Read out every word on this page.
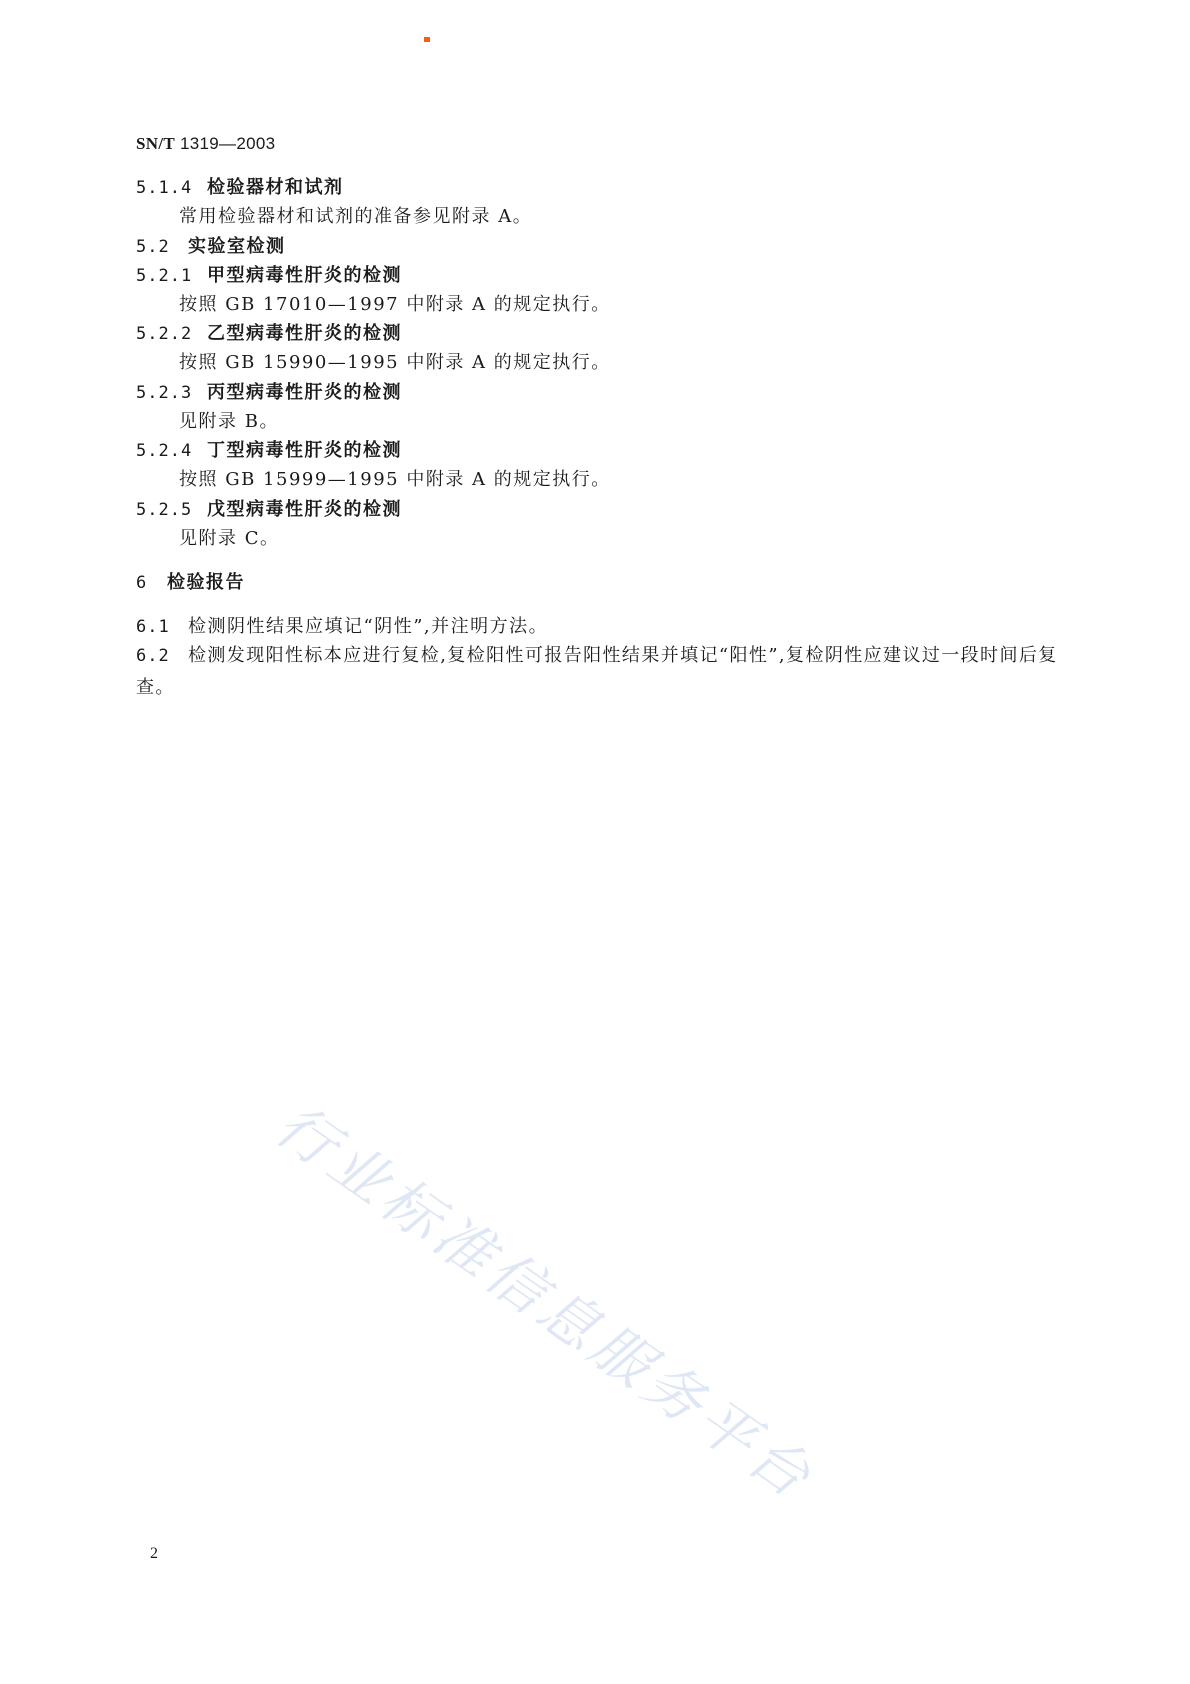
SN/T 1319—2003
5.1.4 检验器材和试剂
常用检验器材和试剂的准备参见附录 A。
5.2 实验室检测
5.2.1 甲型病毒性肝炎的检测
按照 GB 17010—1997 中附录 A 的规定执行。
5.2.2 乙型病毒性肝炎的检测
按照 GB 15990—1995 中附录 A 的规定执行。
5.2.3 丙型病毒性肝炎的检测
见附录 B。
5.2.4 丁型病毒性肝炎的检测
按照 GB 15999—1995 中附录 A 的规定执行。
5.2.5 戊型病毒性肝炎的检测
见附录 C。
6 检验报告
6.1 检测阴性结果应填记“阴性”,并注明方法。
6.2 检测发现阳性标本应进行复检,复检阳性可报告阳性结果并填记“阳性”,复检阴性应建议过一段时间后复查。
行业标准信息服务平台
2
